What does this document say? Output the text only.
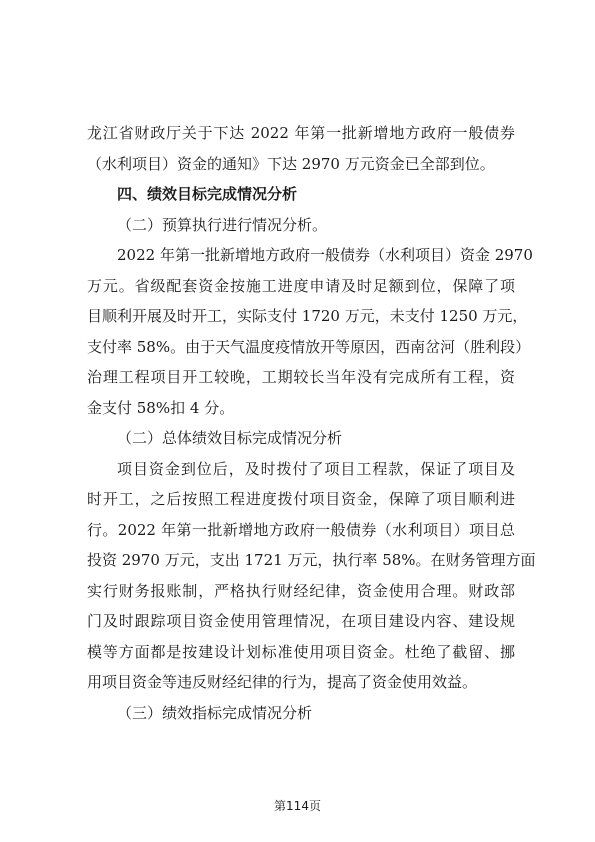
龙江省财政厅关于下达 2022 年第一批新增地方政府一般债券
（水利项目）资金的通知》下达 2970 万元资金已全部到位。
四、绩效目标完成情况分析
（二）预算执行进行情况分析。
2022 年第一批新增地方政府一般债券（水利项目）资金 2970
万元。省级配套资金按施工进度申请及时足额到位，保障了项
目顺利开展及时开工，实际支付 1720 万元，未支付 1250 万元，
支付率 58%。由于天气温度疫情放开等原因，西南岔河（胜利段）
治理工程项目开工较晚，工期较长当年没有完成所有工程，资
金支付 58%扣 4 分。
（二）总体绩效目标完成情况分析
项目资金到位后，及时拨付了项目工程款，保证了项目及
时开工，之后按照工程进度拨付项目资金，保障了项目顺利进
行。2022 年第一批新增地方政府一般债券（水利项目）项目总
投资 2970 万元，支出 1721 万元，执行率 58%。在财务管理方面
实行财务报账制，严格执行财经纪律，资金使用合理。财政部
门及时跟踪项目资金使用管理情况，在项目建设内容、建设规
模等方面都是按建设计划标准使用项目资金。杜绝了截留、挪
用项目资金等违反财经纪律的行为，提高了资金使用效益。
（三）绩效指标完成情况分析
第114页
